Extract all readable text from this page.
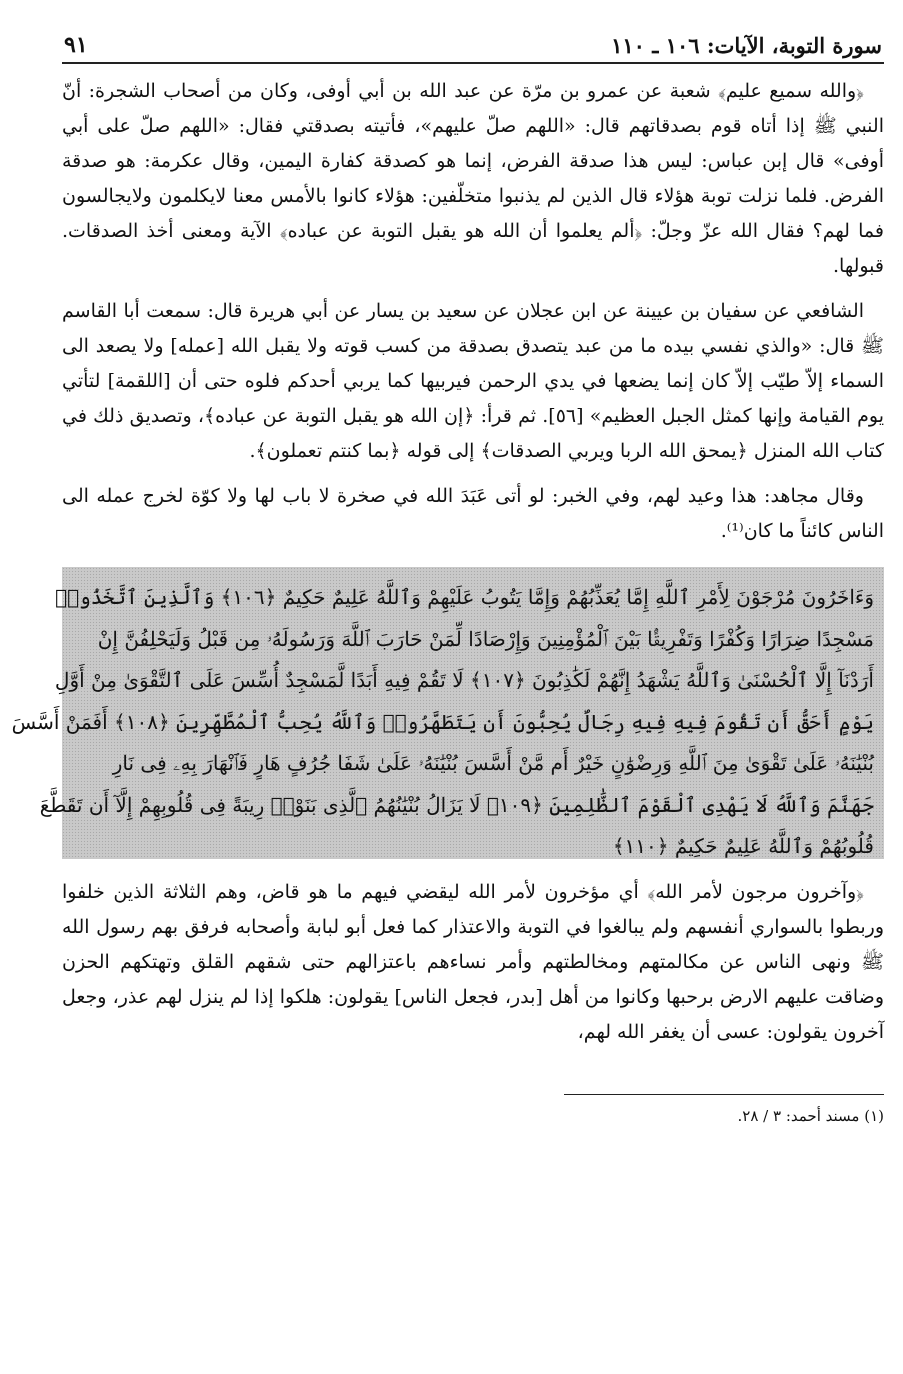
سورة التوبة، الآيات: ١٠٦ ـ ١١٠
٩١

﴿والله سميع عليم﴾ شعبة عن عمرو بن مرّة عن عبد الله بن أبي أوفى، وكان من أصحاب الشجرة: أنّ النبي ﷺ إذا أتاه قوم بصدقاتهم قال: «اللهم صلّ عليهم»، فأتيته بصدقتي فقال: «اللهم صلّ على أبي أوفى» قال إبن عباس: ليس هذا صدقة الفرض، إنما هو كصدقة كفارة اليمين، وقال عكرمة: هو صدقة الفرض. فلما نزلت توبة هؤلاء قال الذين لم يذنبوا متخلّفين: هؤلاء كانوا بالأمس معنا لايكلمون ولايجالسون فما لهم؟ فقال الله عزّ وجلّ: ﴿ألم يعلموا أن الله هو يقبل التوبة عن عباده﴾ الآية ومعنى أخذ الصدقات. قبولها.

الشافعي عن سفيان بن عيينة عن ابن عجلان عن سعيد بن يسار عن أبي هريرة قال: سمعت أبا القاسم ﷺ قال: «والذي نفسي بيده ما من عبد يتصدق بصدقة من كسب قوته ولا يقبل الله [عمله] ولا يصعد الى السماء إلاّ طيّب إلاّ كان إنما يضعها في يدي الرحمن فيربيها كما يربي أحدكم فلوه حتى أن [اللقمة] لتأتي يوم القيامة وإنها كمثل الجبل العظيم» [٥٦]. ثم قرأ: ﴿إن الله هو يقبل التوبة عن عباده﴾، وتصديق ذلك في كتاب الله المنزل ﴿يمحق الله الربا ويربي الصدقات﴾ إلى قوله ﴿بما كنتم تعملون﴾.

وقال مجاهد: هذا وعيد لهم، وفي الخبر: لو أتى عَبَدَ الله في صخرة لا باب لها ولا كوّة لخرج عمله الى الناس كائناً ما كان⁽¹⁾.

وَءَاخَرُونَ مُرْجَوْنَ لِأَمْرِ ٱللَّهِ إِمَّا يُعَذِّبُهُمْ وَإِمَّا يَتُوبُ عَلَيْهِمْ وَٱللَّهُ عَلِيمٌ حَكِيمٌ ﴿١٠٦﴾ وَٱلَّذِينَ ٱتَّخَذُوا۟
مَسْجِدًا ضِرَارًا وَكُفْرًا وَتَفْرِيقًۢا بَيْنَ ٱلْمُؤْمِنِينَ وَإِرْصَادًا لِّمَنْ حَارَبَ ٱللَّهَ وَرَسُولَهُۥ مِن قَبْلُ وَلَيَحْلِفُنَّ إِنْ
أَرَدْنَآ إِلَّا ٱلْحُسْنَىٰ وَٱللَّهُ يَشْهَدُ إِنَّهُمْ لَكَٰذِبُونَ ﴿١٠٧﴾ لَا تَقُمْ فِيهِ أَبَدًا لَّمَسْجِدٌ أُسِّسَ عَلَى ٱلتَّقْوَىٰ مِنْ أَوَّلِ
يَوْمٍ أَحَقُّ أَن تَقُومَ فِيهِ فِيهِ رِجَالٌ يُحِبُّونَ أَن يَتَطَهَّرُوا۟ وَٱللَّهُ يُحِبُّ ٱلْمُطَّهِّرِينَ ﴿١٠٨﴾ أَفَمَنْ أَسَّسَ
بُنْيَٰنَهُۥ عَلَىٰ تَقْوَىٰ مِنَ ٱللَّهِ وَرِضْوَٰنٍ خَيْرٌ أَم مَّنْ أَسَّسَ بُنْيَٰنَهُۥ عَلَىٰ شَفَا جُرُفٍ هَارٍ فَٱنْهَارَ بِهِۦ فِى نَارِ
جَهَنَّمَ وَٱللَّهُ لَا يَهْدِى ٱلْقَوْمَ ٱلظَّٰلِمِينَ ﴿١٠٩﴾ لَا يَزَالُ بُنْيَٰنُهُمُ ٱلَّذِى بَنَوْا۟ رِيبَةً فِى قُلُوبِهِمْ إِلَّآ أَن تَقَطَّعَ
قُلُوبُهُمْ وَٱللَّهُ عَلِيمٌ حَكِيمٌ ﴿١١٠﴾

﴿وآخرون مرجون لأمر الله﴾ أي مؤخرون لأمر الله ليقضي فيهم ما هو قاض، وهم الثلاثة الذين خلفوا وربطوا بالسواري أنفسهم ولم يبالغوا في التوبة والاعتذار كما فعل أبو لبابة وأصحابه فرفق بهم رسول الله ﷺ ونهى الناس عن مكالمتهم ومخالطتهم وأمر نساءهم باعتزالهم حتى شقهم القلق وتهتكهم الحزن وضاقت عليهم الارض برحبها وكانوا من أهل [بدر، فجعل الناس] يقولون: هلكوا إذا لم ينزل لهم عذر، وجعل آخرون يقولون: عسى أن يغفر الله لهم،

(١) مسند أحمد: ٣ / ٢٨.
